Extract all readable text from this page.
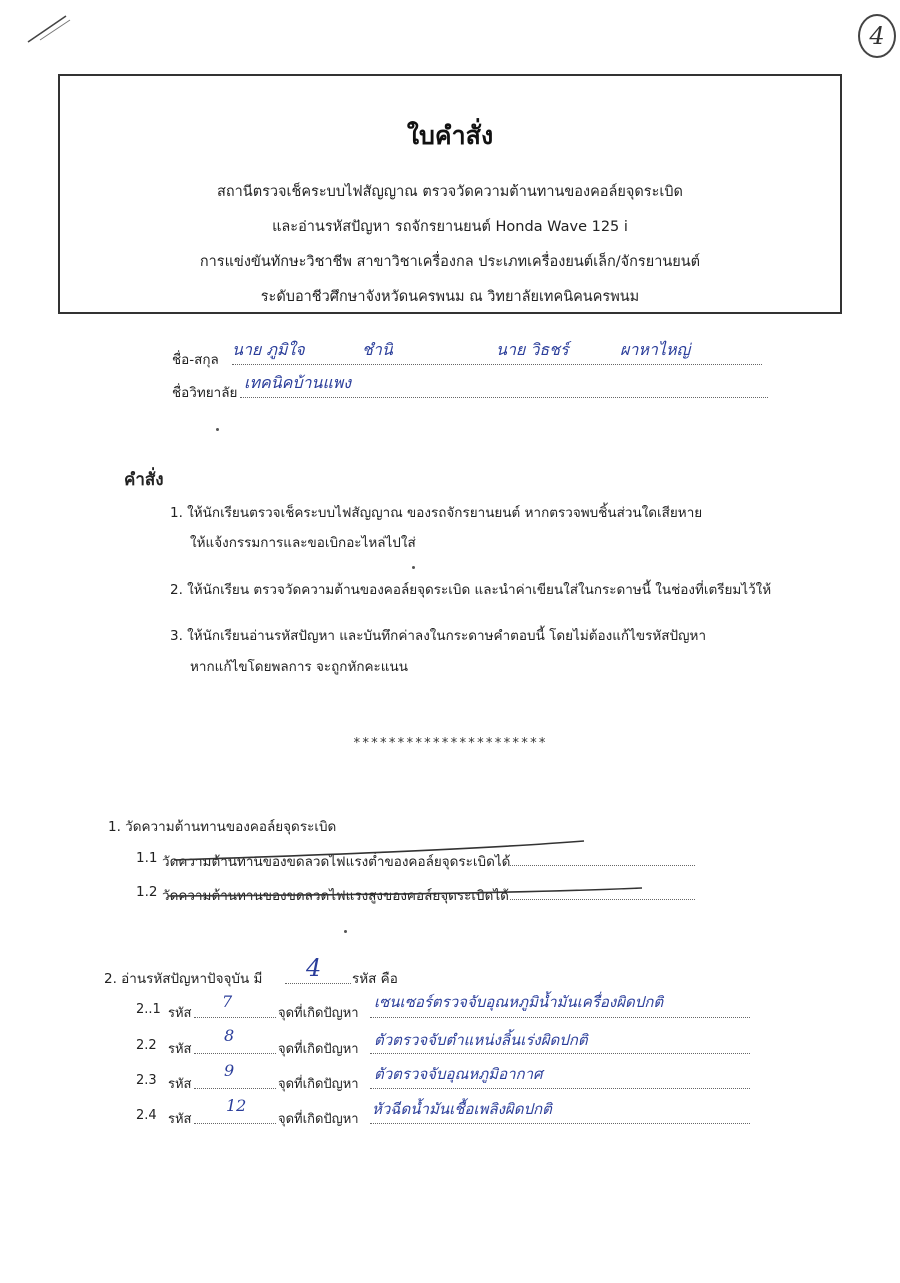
4
ใบคำสั่ง
สถานีตรวจเช็คระบบไฟสัญญาณ ตรวจวัดความต้านทานของคอล์ยจุดระเบิด
และอ่านรหัสปัญหา รถจักรยานยนต์ Honda Wave 125 i
การแข่งขันทักษะวิชาชีพ สาขาวิชาเครื่องกล ประเภทเครื่องยนต์เล็ก/จักรยานยนต์
ระดับอาชีวศึกษาจังหวัดนครพนม ณ วิทยาลัยเทคนิคนครพนม
ชื่อ-สกุล
นาย ภูมิใจ	ชำนิ	นาย วิธชร์	ผาหาไหญ่
ชื่อวิทยาลัย
เทคนิคบ้านแพง
คำสั่ง
1. ให้นักเรียนตรวจเช็คระบบไฟสัญญาณ ของรถจักรยานยนต์ หากตรวจพบชิ้นส่วนใดเสียหาย
ให้แจ้งกรรมการและขอเบิกอะไหล่ไปใส่
2. ให้นักเรียน ตรวจวัดความต้านของคอล์ยจุดระเบิด และนำค่าเขียนใส่ในกระดาษนี้ ในช่องที่เตรียมไว้ให้
3. ให้นักเรียนอ่านรหัสปัญหา และบันทึกค่าลงในกระดาษคำตอบนี้ โดยไม่ต้องแก้ไขรหัสปัญหา
หากแก้ไขโดยพลการ จะถูกหักคะแนน
**********************
1. วัดความต้านทานของคอล์ยจุดระเบิด
1.1 วัดความต้านทานของขดลวดไฟแรงต่ำของคอล์ยจุดระเบิดได้
1.2 วัดความต้านทานของขดลวดไฟแรงสูงของคอล์ยจุดระเบิดได้
2. อ่านรหัสปัญหาปัจจุบัน มี 4 รหัส คือ
2..1 รหัส
7
จุดที่เกิดปัญหา
เซนเซอร์ตรวจจับอุณหภูมิน้ำมันเครื่องผิดปกติ
2.2 รหัส
8
จุดที่เกิดปัญหา
ตัวตรวจจับตำแหน่งลิ้นเร่งผิดปกติ
2.3 รหัส
9
จุดที่เกิดปัญหา
ตัวตรวจจับอุณหภูมิอากาศ
2.4 รหัส
12
จุดที่เกิดปัญหา
หัวฉีดน้ำมันเชื้อเพลิงผิดปกติ
